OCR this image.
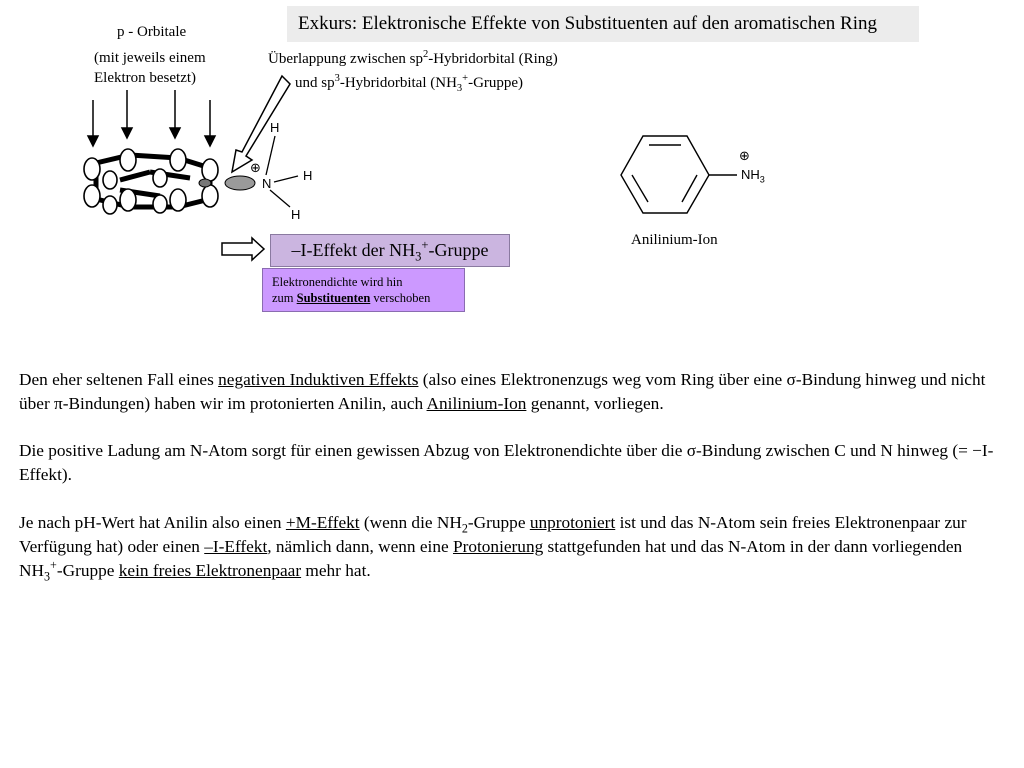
Exkurs: Elektronische Effekte von Substituenten auf den aromatischen Ring
p - Orbitale
(mit jeweils einem
Elektron besetzt)
Überlappung zwischen $sp^2$-Hybridorbital (Ring)
und $sp^3$-Hybridorbital $(NH_3^+-Gruppe)$
N
H
H
H
⊕
⊕
$NH_3$
Anilinium-Ion
–I-Effekt der $NH_3^+$-Gruppe
Elektronendichte wird hin
zum Substituenten verschoben
Den eher seltenen Fall eines negativen Induktiven Effekts (also eines Elektronenzugs weg vom Ring über eine σ-Bindung hinweg und nicht über π-Bindungen) haben wir im protonierten Anilin, auch Anilinium-Ion genannt, vorliegen.
Die positive Ladung am N-Atom sorgt für einen gewissen Abzug von Elektronendichte über die σ-Bindung zwischen C und N hinweg (= −I-Effekt).
Je nach pH-Wert hat Anilin also einen +M-Effekt (wenn die $NH_2$-Gruppe unprotoniert ist und das N-Atom sein freies Elektronenpaar zur Verfügung hat) oder einen –I-Effekt, nämlich dann, wenn eine Protonierung stattgefunden hat und das N-Atom in der dann vorliegenden $NH_3^+$-Gruppe kein freies Elektronenpaar mehr hat.
